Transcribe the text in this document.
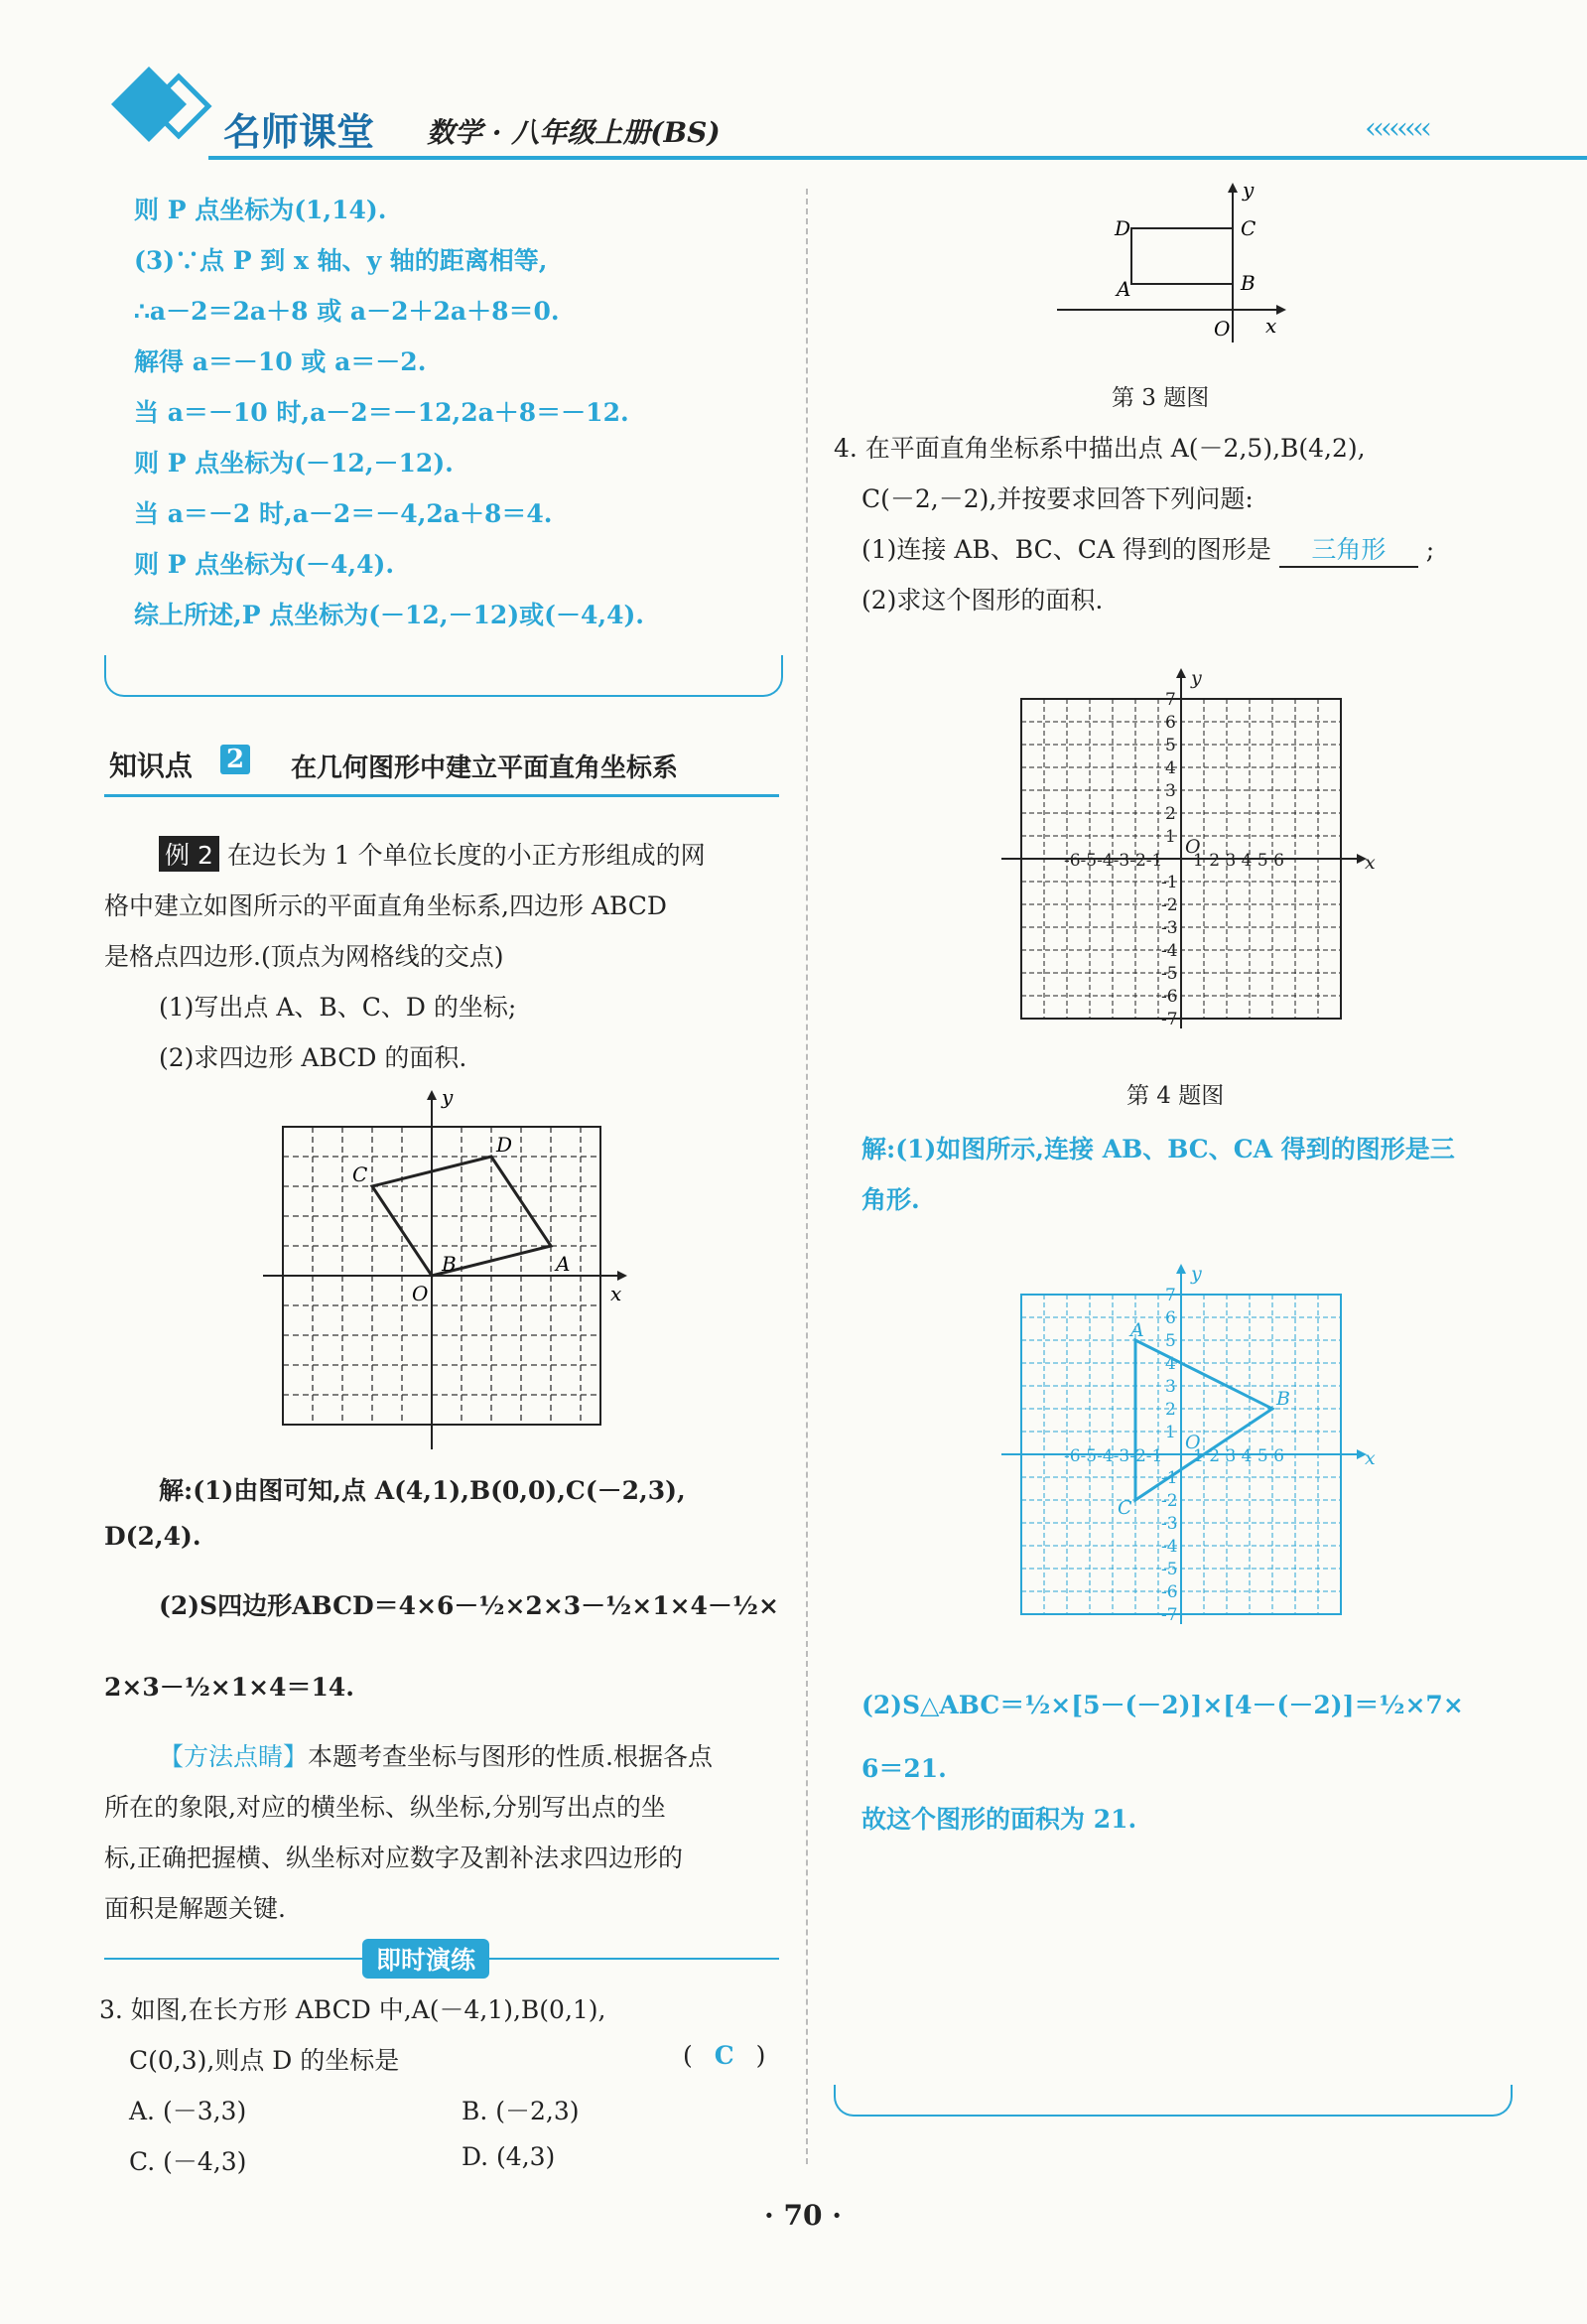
名师课堂 数学 · 八年级上册(BS)	‹‹‹‹‹‹‹‹
则 P 点坐标为(1,14).
(3)∵点 P 到 x 轴、y 轴的距离相等,
∴a－2＝2a＋8 或 a－2＋2a＋8＝0.
解得 a＝－10 或 a＝－2.
当 a＝－10 时,a－2＝－12,2a＋8＝－12.
则 P 点坐标为(－12,－12).
当 a＝－2 时,a－2＝－4,2a＋8＝4.
则 P 点坐标为(－4,4).
综上所述,P 点坐标为(－12,－12)或(－4,4).
知识点 2 在几何图形中建立平面直角坐标系
例 2 在边长为 1 个单位长度的小正方形组成的网
格中建立如图所示的平面直角坐标系,四边形 ABCD
是格点四边形.(顶点为网格线的交点)
(1)写出点 A、B、C、D 的坐标;
(2)求四边形 ABCD 的面积.
y
x
O
A
B
C
D
解:(1)由图可知,点 A(4,1),B(0,0),C(－2,3),
D(2,4).
(2)S四边形ABCD＝4×6－½×2×3－½×1×4－½×
2×3－½×1×4＝14.
【方法点睛】本题考查坐标与图形的性质.根据各点
所在的象限,对应的横坐标、纵坐标,分别写出点的坐
标,正确把握横、纵坐标对应数字及割补法求四边形的
面积是解题关键.
即时演练
3. 如图,在长方形 ABCD 中,A(－4,1),B(0,1),
C(0,3),则点 D 的坐标是	( C )
A. (－3,3)	B. (－2,3)
C. (－4,3)	D. (4,3)
y
x
O
A	B
C
D
第 3 题图
4. 在平面直角坐标系中描出点 A(－2,5),B(4,2),
C(－2,－2),并按要求回答下列问题:
(1)连接 AB、BC、CA 得到的图形是 三角形 ;
(2)求这个图形的面积.
1
-1
2
-2
3
-3
4
-4
5
-5
6
-6
7
-7
-6-5-4-3-2-1 1 2 3 4 5 6
y
x
O
第 4 题图
解:(1)如图所示,连接 AB、BC、CA 得到的图形是三
角形.
1
-1
2
-2
3
-3
4
-4
5
-5
6
-6
7
-7
-6-5-4-3-2-1 1 2 3 4 5 6
y
x
O
A
B
C
(2)S△ABC＝½×[5－(－2)]×[4－(－2)]＝½×7×
6＝21.
故这个图形的面积为 21.
· 70 ·
